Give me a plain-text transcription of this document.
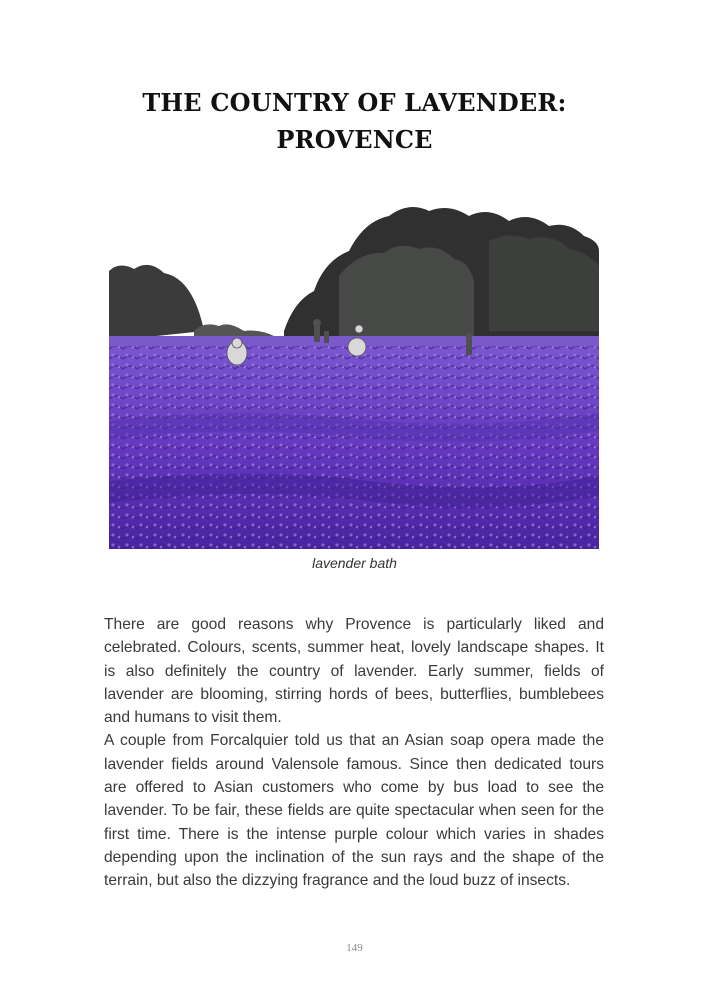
THE COUNTRY OF LAVENDER:
PROVENCE
lavender bath

There are good reasons why Provence is particularly liked and celebrated. Colours, scents, summer heat, lovely landscape shapes. It is also definitely the country of lavender. Early summer, fields of lavender are blooming, stirring hords of bees, butterflies, bumblebees and humans to visit them.

A couple from Forcalquier told us that an Asian soap opera made the lavender fields around Valensole famous. Since then dedicated tours are offered to Asian customers who come by bus load to see the lavender. To be fair, these fields are quite spectacular when seen for the first time. There is the intense purple colour which varies in shades depending upon the inclination of the sun rays and the shape of the terrain, but also the dizzying fragrance and the loud buzz of insects.

149
